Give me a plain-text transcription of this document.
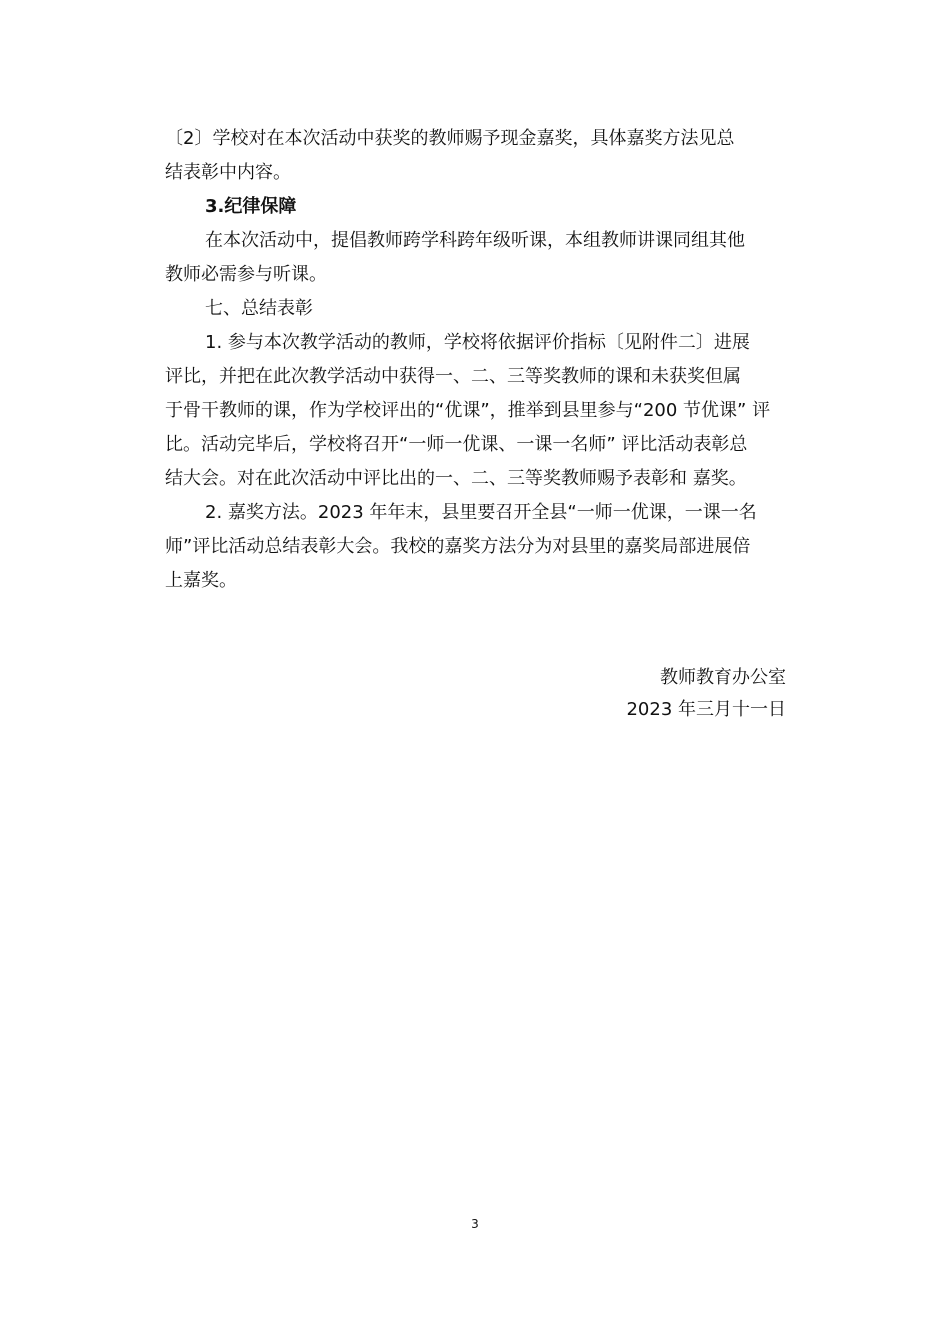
〔2〕学校对在本次活动中获奖的教师赐予现金嘉奖，具体嘉奖方法见总
结表彰中内容。
3.纪律保障
在本次活动中，提倡教师跨学科跨年级听课，本组教师讲课同组其他
教师必需参与听课。
七、总结表彰
1. 参与本次教学活动的教师，学校将依据评价指标〔见附件二〕进展
评比，并把在此次教学活动中获得一、二、三等奖教师的课和未获奖但属
于骨干教师的课，作为学校评出的“优课”，推举到县里参与“200 节优课” 评
比。活动完毕后，学校将召开“一师一优课、一课一名师” 评比活动表彰总
结大会。对在此次活动中评比出的一、二、三等奖教师赐予表彰和 嘉奖。
2. 嘉奖方法。2023 年年末，县里要召开全县“一师一优课，一课一名
师”评比活动总结表彰大会。我校的嘉奖方法分为对县里的嘉奖局部进展倍
上嘉奖。
教师教育办公室
2023 年三月十一日
3
